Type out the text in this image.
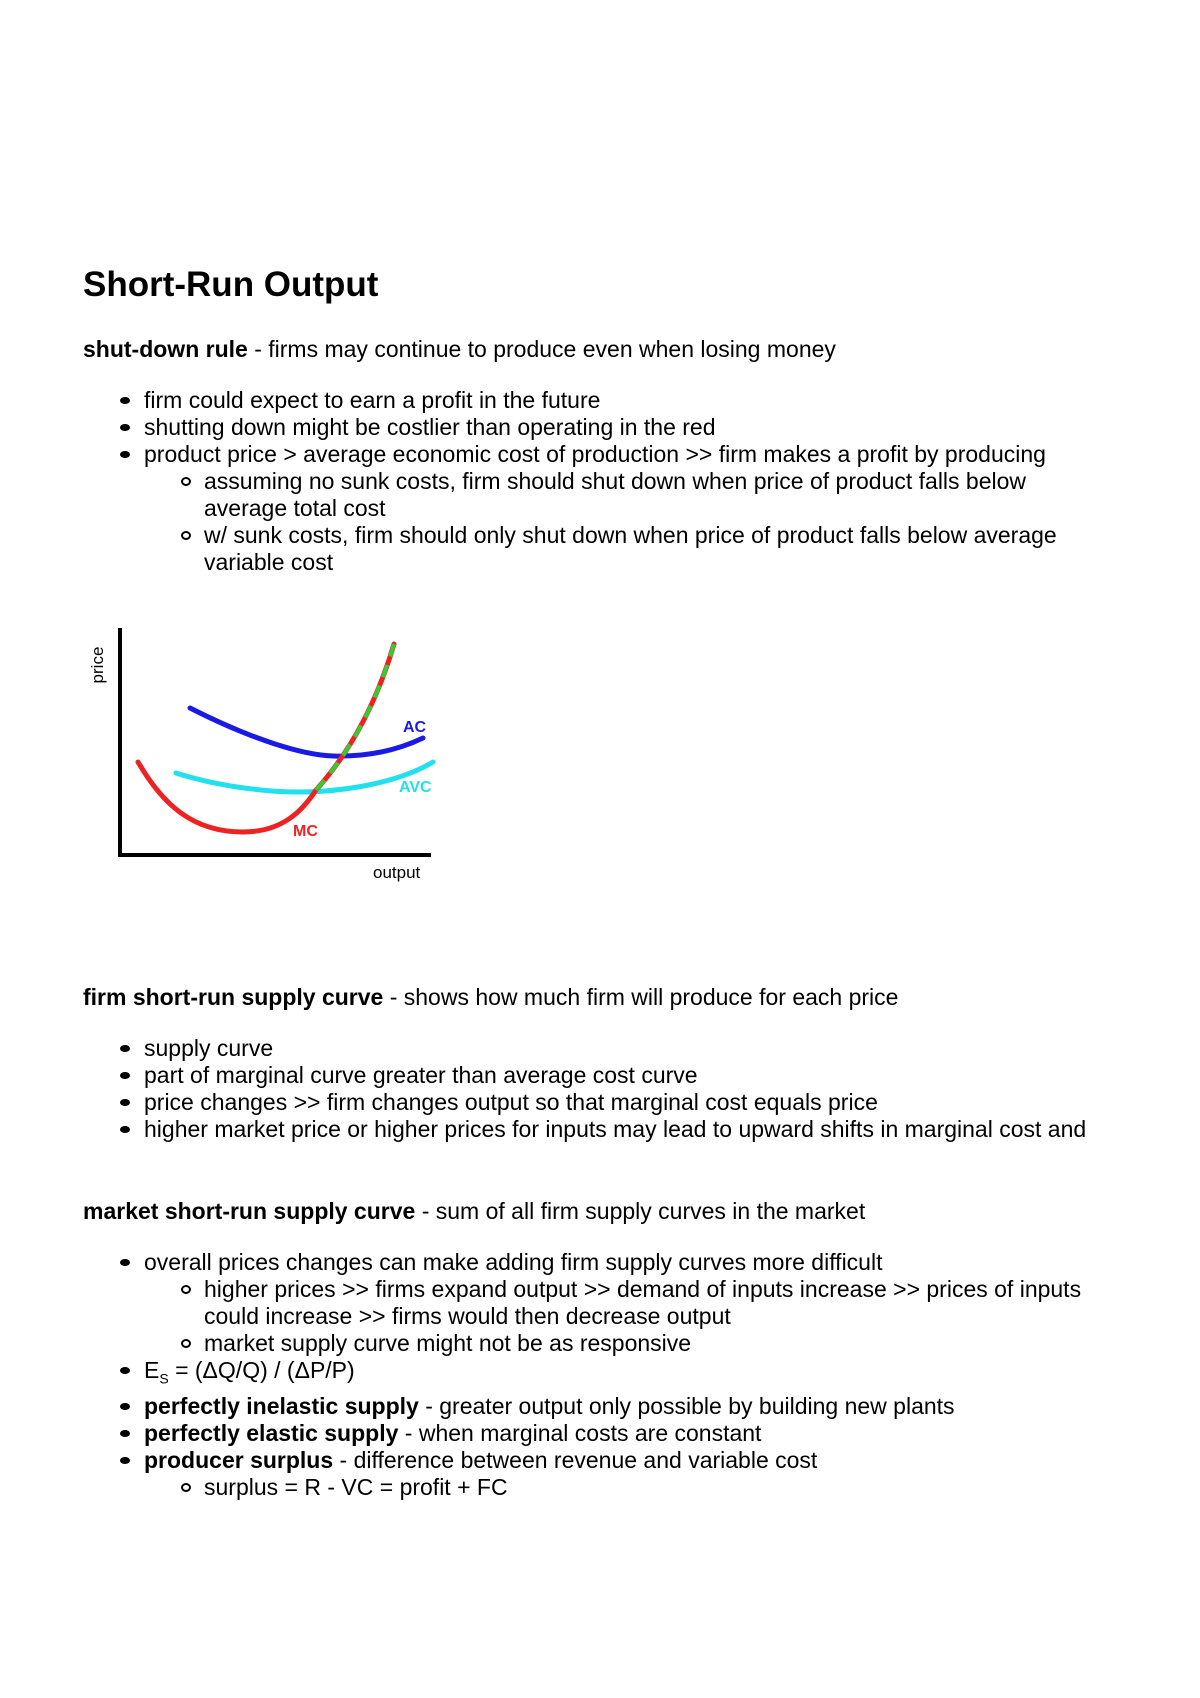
Short-Run Output

shut-down rule - firms may continue to produce even when losing money

firm could expect to earn a profit in the future
shutting down might be costlier than operating in the red
product price > average economic cost of production >> firm makes a profit by producing
assuming no sunk costs, firm should shut down when price of product falls below average total cost
w/ sunk costs, firm should only shut down when price of product falls below average variable cost
price
output
AC
AVC
MC

firm short-run supply curve - shows how much firm will produce for each price

supply curve
part of marginal curve greater than average cost curve
price changes >> firm changes output so that marginal cost equals price
higher market price or higher prices for inputs may lead to upward shifts in marginal cost and

market short-run supply curve - sum of all firm supply curves in the market

overall prices changes can make adding firm supply curves more difficult
higher prices >> firms expand output >> demand of inputs increase >> prices of inputs could increase >> firms would then decrease output
market supply curve might not be as responsive
$E_S = (\Delta Q/Q) / (\Delta P/P)$
perfectly inelastic supply - greater output only possible by building new plants
perfectly elastic supply - when marginal costs are constant
producer surplus - difference between revenue and variable cost
surplus = R - VC = profit + FC
